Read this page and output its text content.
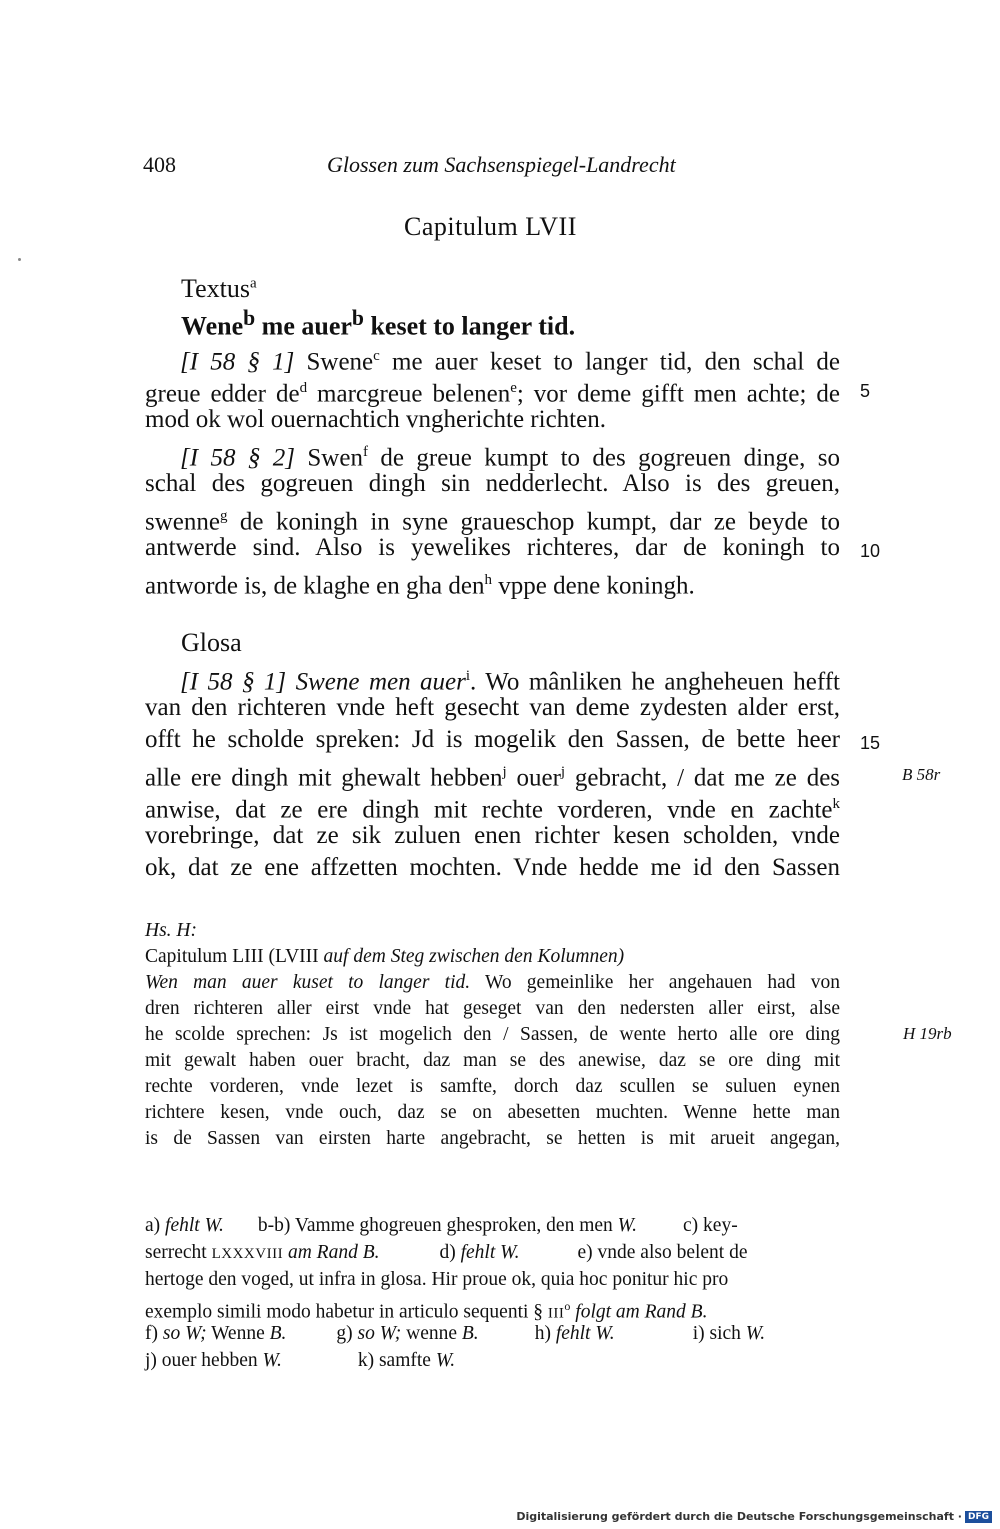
408	Glossen zum Sachsenspiegel-Landrecht
Capitulum LVII
Textus$^a$
Wene$^b$ me auer$^b$ keset to langer tid.
[I 58 § 1] Swene$^c$ me auer keset to langer tid, den schal de
greue edder $de^d$ marcgreue belenen$^e$; vor deme gifft men achte; de
mod ok wol ouernachtich vngherichte richten.
[I 58 § 2] Swen$^f$ de greue kumpt to des gogreuen dinge, so
schal des gogreuen dingh sin nedderlecht. Also is des greuen,
swenne$^g$ de koningh in syne graueschop kumpt, dar ze beyde to
antwerde sind. Also is yewelikes richteres, dar de koningh to
antworde is, de klaghe en gha den$^h$ vppe dene koningh.
5
10
Glosa
[I 58 § 1] Swene men auer$^i$. Wo mânliken he angheheuen hefft
van den richteren vnde heft gesecht van deme zydesten alder erst,
offt he scholde spreken: Jd is mogelik den Sassen, de bette heer
alle ere dingh mit ghewalt hebben$^j$ ouer$^j$ gebracht, / dat me ze des
anwise, dat ze ere dingh mit rechte vorderen, vnde en zachte$^k$
vorebringe, dat ze sik zuluen enen richter kesen scholden, vnde
ok, dat ze ene affzetten mochten. Vnde hedde me id den Sassen
15
B 58r
Hs. H:
Capitulum LIII (LVIII auf dem Steg zwischen den Kolumnen)
Wen man auer kuset to langer tid. Wo gemeinlike her angehauen had von
dren richteren aller eirst vnde hat geseget van den nedersten aller eirst, alse
he scolde sprechen: Js ist mogelich den / Sassen, de wente herto alle ore ding
mit gewalt haben ouer bracht, daz man se des anewise, daz se ore ding mit
rechte vorderen, vnde lezet is samfte, dorch daz scullen se suluen eynen
richtere kesen, vnde ouch, daz se on abesetten muchten. Wenne hette man
is de Sassen van eirsten harte angebracht, se hetten is mit arueit angegan,
H 19rb
a) fehlt W. b-b) Vamme ghogreuen ghesproken, den men W. c) key-
serrecht LXXXVIII am Rand B.	d) fehlt W.	e) vnde also belent de
hertoge den voged, ut infra in glosa. Hir proue ok, quia hoc ponitur hic pro
exemplo simili modo habetur in articulo sequenti § III$^o$ folgt am Rand B.
f) so W; Wenne B.	g) so W; wenne B.	h) fehlt W.	i) sich W.
j) ouer hebben W.	k) samfte W.
Digitalisierung gefördert durch die Deutsche Forschungsgemeinschaft · DFG
